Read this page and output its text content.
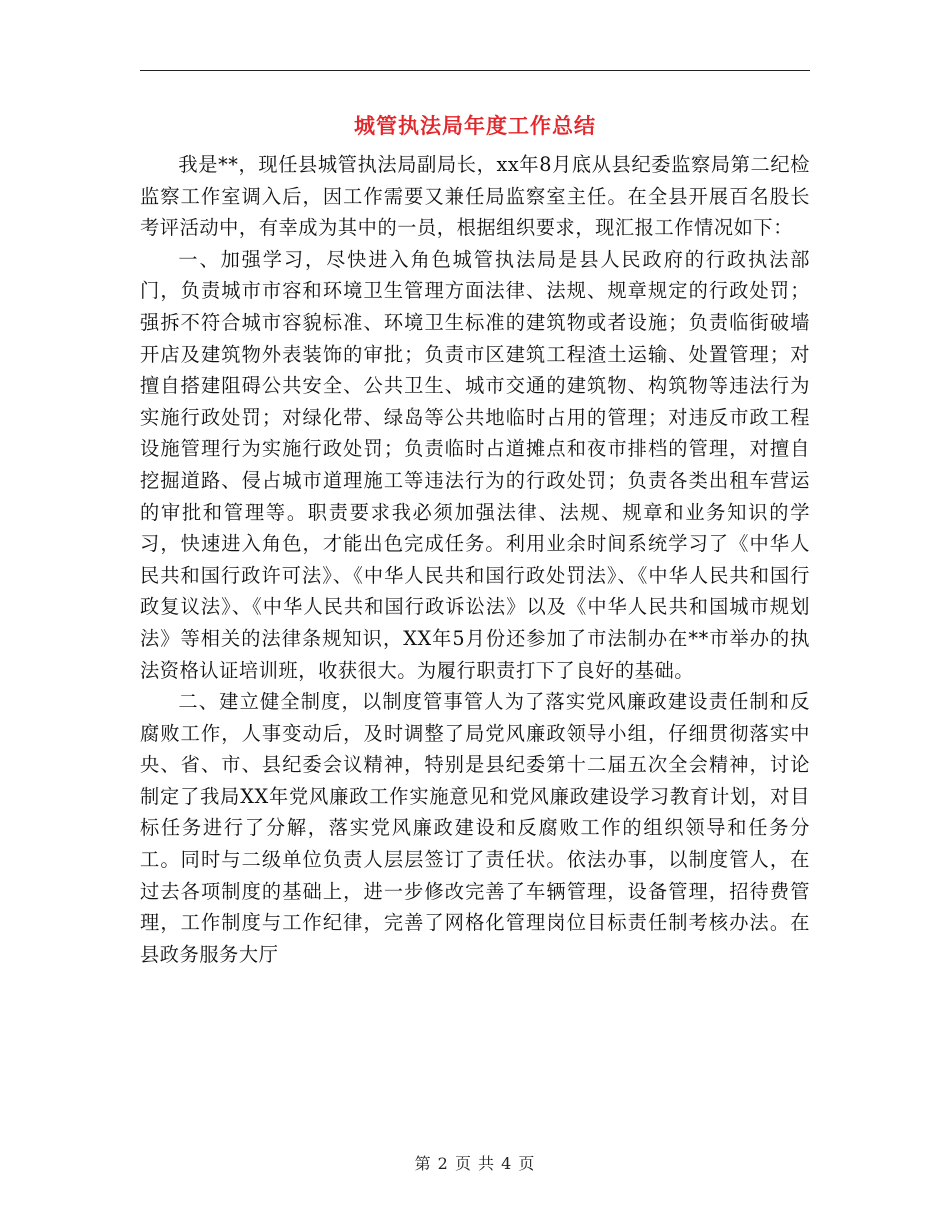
城管执法局年度工作总结

我是**，现任县城管执法局副局长，xx年8月底从县纪委监察局第二纪检监察工作室调入后，因工作需要又兼任局监察室主任。在全县开展百名股长考评活动中，有幸成为其中的一员，根据组织要求，现汇报工作情况如下：

一、加强学习，尽快进入角色城管执法局是县人民政府的行政执法部门，负责城市市容和环境卫生管理方面法律、法规、规章规定的行政处罚；强拆不符合城市容貌标准、环境卫生标准的建筑物或者设施；负责临街破墙开店及建筑物外表装饰的审批；负责市区建筑工程渣土运输、处置管理；对擅自搭建阻碍公共安全、公共卫生、城市交通的建筑物、构筑物等违法行为实施行政处罚；对绿化带、绿岛等公共地临时占用的管理；对违反市政工程设施管理行为实施行政处罚；负责临时占道摊点和夜市排档的管理，对擅自挖掘道路、侵占城市道理施工等违法行为的行政处罚；负责各类出租车营运的审批和管理等。职责要求我必须加强法律、法规、规章和业务知识的学习，快速进入角色，才能出色完成任务。利用业余时间系统学习了《中华人民共和国行政许可法》、《中华人民共和国行政处罚法》、《中华人民共和国行政复议法》、《中华人民共和国行政诉讼法》以及《中华人民共和国城市规划法》等相关的法律条规知识，XX年5月份还参加了市法制办在**市举办的执法资格认证培训班，收获很大。为履行职责打下了良好的基础。

二、建立健全制度，以制度管事管人为了落实党风廉政建设责任制和反腐败工作，人事变动后，及时调整了局党风廉政领导小组，仔细贯彻落实中央、省、市、县纪委会议精神，特别是县纪委第十二届五次全会精神，讨论制定了我局XX年党风廉政工作实施意见和党风廉政建设学习教育计划，对目标任务进行了分解，落实党风廉政建设和反腐败工作的组织领导和任务分工。同时与二级单位负责人层层签订了责任状。依法办事，以制度管人，在过去各项制度的基础上，进一步修改完善了车辆管理，设备管理，招待费管理，工作制度与工作纪律，完善了网格化管理岗位目标责任制考核办法。在县政务服务大厅

第 2 页 共 4 页
